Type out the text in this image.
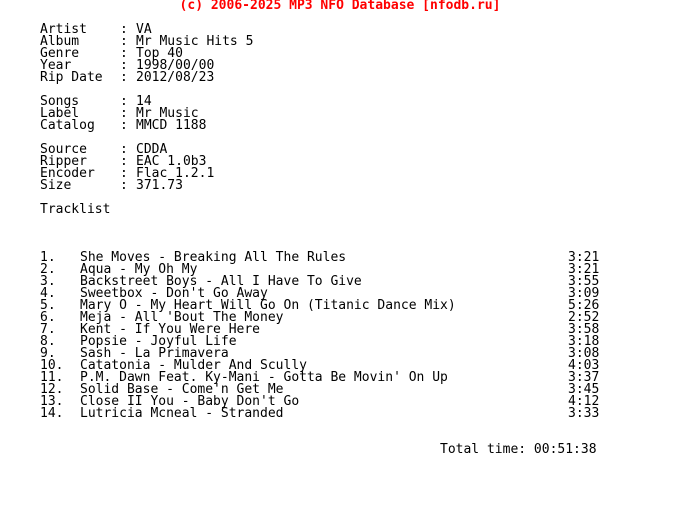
(c) 2006-2025 MP3 NFO Database [nfodb.ru]
Artist	: VA
Album	: Mr Music Hits 5
Genre	: Top 40
Year	: 1998/00/00
Rip Date : 2012/08/23
Songs	: 14
Label	: Mr Music
Catalog : MMCD 1188
Source	: CDDA
Ripper	: EAC 1.0b3
Encoder : Flac 1.2.1
Size	: 371.73
Tracklist
1. She Moves - Breaking All The Rules	3:21
2. Aqua - My Oh My	3:21
3. Backstreet Boys - All I Have To Give	3:55
4. Sweetbox - Don't Go Away	3:09
5. Mary O - My Heart Will Go On (Titanic Dance Mix)	5:26
6. Meja - All 'Bout The Money	2:52
7. Kent - If You Were Here	3:58
8. Popsie - Joyful Life	3:18
9. Sash - La Primavera	3:08
10. Catatonia - Mulder And Scully	4:03
11. P.M. Dawn Feat. Ky-Mani - Gotta Be Movin' On Up	3:37
12. Solid Base - Come'n Get Me	3:45
13. Close II You - Baby Don't Go	4:12
14. Lutricia Mcneal - Stranded	3:33
Total time: 00:51:38
